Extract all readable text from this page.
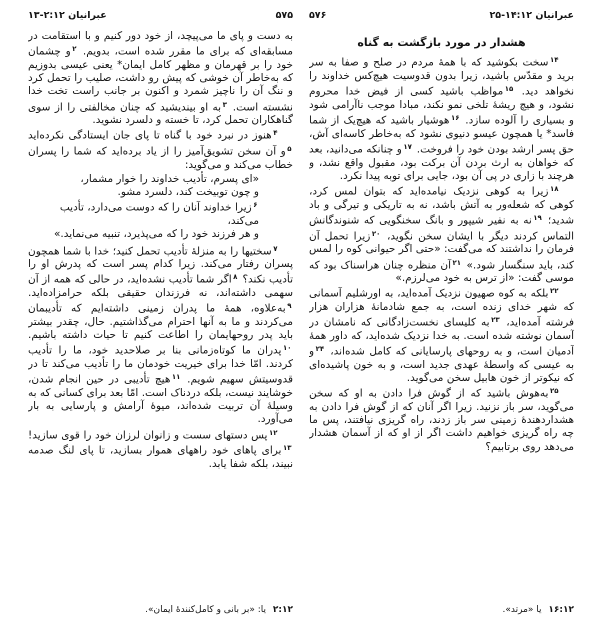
عبرانیان ۲:۱۲-۱۳	۵۷۵

به دست و پای ما می‌پیچد، از خود دور کنیم و با استقامت در مسابقه‌ای که برای ما مقرر شده است، بدویم. $^۲$و چشمان خود را بر قهرمان و مظهر کامل ایمان* یعنی عیسی بدوزیم که به‌خاطر آن خوشی که پیش رو داشت، صلیب را تحمل کرد و ننگ آن را ناچیز شمرد و اکنون بر جانب راست تخت خدا نشسته است. $^۳$به او بیندیشید که چنان مخالفتی را از سوی گناهکاران تحمل کرد، تا خسته و دلسرد نشوید.

$^۴$هنوز در نبرد خود با گناه تا پای جان ایستادگی نکرده‌اید $^۵$و آن سخن تشویق‌آمیز را از یاد برده‌اید که شما را پسران خطاب می‌کند و می‌گوید:

«ای پسرم، تأدیب خداوند را خوار مشمار،
و چون توبیخت کند، دلسرد مشو.
$^۶$زیرا خداوند آنان را که دوست می‌دارد، تأدیب می‌کند،
و هر فرزند خود را که می‌پذیرد، تنبیه می‌نماید.»

$^۷$سختیها را به منزلۀ تأدیب تحمل کنید؛ خدا با شما همچون پسران رفتار می‌کند. زیرا کدام پسر است که پدرش او را تأدیب نکند؟ $^۸$اگر شما تأدیب نشده‌اید، در حالی که همه از آن سهمی داشته‌اند، نه فرزندان حقیقی بلکه حرامزاده‌اید. $^۹$به‌علاوه، همۀ ما پدران زمینی داشته‌ایم که تأدیبمان می‌کردند و ما به آنها احترام می‌گذاشتیم. حال، چقدر بیشتر باید پدر روحهایمان را اطاعت کنیم تا حیات داشته باشیم. $^{۱۰}$پدران ما کوتاه‌زمانی بنا بر صلاحدید خود، ما را تأدیب کردند. امّا خدا برای خیریت خودمان ما را تأدیب می‌کند تا در قدوسیتش سهیم شویم. $^{۱۱}$هیچ تأدیبی در حین انجام شدن، خوشایند نیست، بلکه دردناک است. امّا بعد برای کسانی که به وسیلۀ آن تربیت شده‌اند، میوۀ آرامش و پارسایی به بار می‌آورد.

$^{۱۲}$پس دستهای سست و زانوان لرزان خود را قوی سازید! $^{۱۳}$برای پاهای خود راههای هموار بسازید، تا پای لنگ صدمه نبیند، بلکه شفا یابد.

۲:۱۲ یا: «بر بانی و کامل‌کنندۀ ایمان».
۵۷۶	عبرانیان ۱۴:۱۲-۲۵
هشدار در مورد بازگشت به گناه

$^{۱۴}$سخت بکوشید که با همۀ مردم در صلح و صفا به سر برید و مقدّس باشید، زیرا بدون قدوسیت هیچ‌کس خداوند را نخواهد دید. $^{۱۵}$مواظب باشید کسی از فیض خدا محروم نشود، و هیچ ریشۀ تلخی نمو نکند، مبادا موجب ناآرامی شود و بسیاری را آلوده سازد. $^{۱۶}$هوشیار باشید که هیچ‌یک از شما فاسد* یا همچون عیسو دنیوی نشود که به‌خاطر کاسه‌ای آش، حق پسر ارشد بودن خود را فروخت. $^{۱۷}$و چنانکه می‌دانید، بعد که خواهان به ارث بردن آن برکت بود، مقبول واقع نشد، و هرچند با زاری در پی آن بود، جایی برای توبه پیدا نکرد.

$^{۱۸}$زیرا به کوهی نزدیک نیامده‌اید که بتوان لمس کرد، کوهی که شعله‌ور به آتش باشد، نه به تاریکی و تیرگی و باد شدید؛ $^{۱۹}$نه به نفیر شیپور و بانگ سخنگویی که شنوندگانش التماس کردند دیگر با ایشان سخن نگوید، $^{۲۰}$زیرا تحمل آن فرمان را نداشتند که می‌گفت: «حتی اگر حیوانی کوه را لمس کند، باید سنگسار شود.» $^{۲۱}$آن منظره چنان هراسناک بود که موسی گفت: «از ترس به خود می‌لرزم.»

$^{۲۲}$بلکه به کوه صهیون نزدیک آمده‌اید، به اورشلیم آسمانی که شهر خدای زنده است، به جمع شادمانۀ هزاران هزار فرشته آمده‌اید، $^{۲۳}$به کلیسای نخست‌زادگانی که نامشان در آسمان نوشته شده است. به خدا نزدیک شده‌اید، که داور همۀ آدمیان است، و به روحهای پارسایانی که کامل شده‌اند، $^{۲۴}$و به عیسی که واسطۀ عهدی جدید است، و به خون پاشیده‌ای که نیکوتر از خون هابیل سخن می‌گوید.

$^{۲۵}$به‌هوش باشید که از گوش فرا دادن به او که سخن می‌گوید، سر باز نزنید. زیرا اگر آنان که از گوش فرا دادن به هشداردهندۀ زمینی سر باز زدند، راه گریزی نیافتند، پس ما چه راه گریزی خواهیم داشت اگر از او که از آسمان هشدار می‌دهد روی برتابیم؟

۱۶:۱۲ یا «مرتد».
